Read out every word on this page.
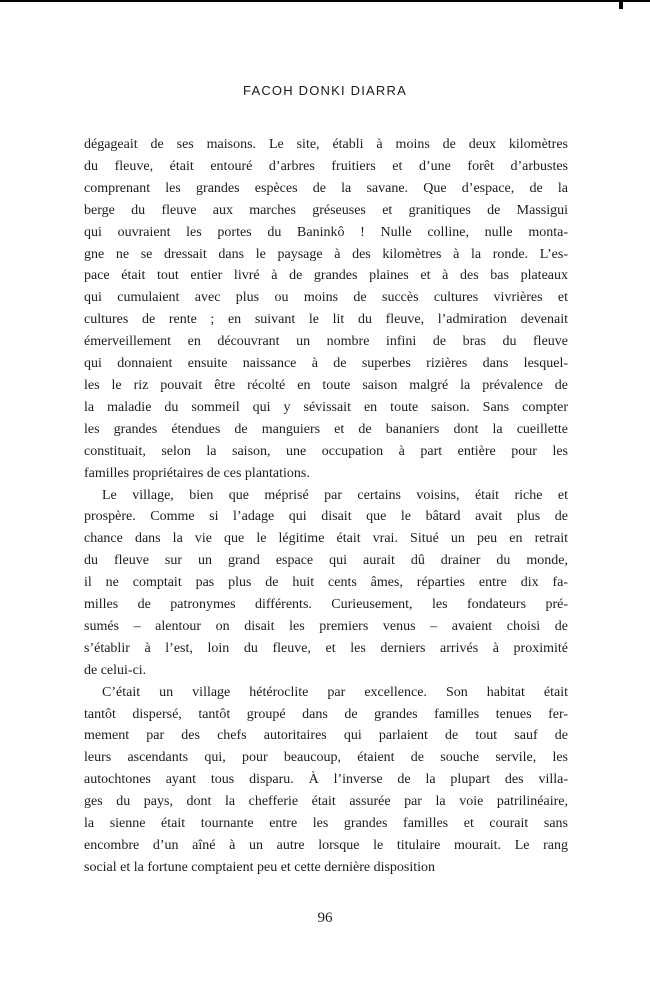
FACOH DONKI DIARRA
dégageait de ses maisons. Le site, établi à moins de deux kilomètres
du fleuve, était entouré d’arbres fruitiers et d’une forêt d’arbustes
comprenant les grandes espèces de la savane. Que d’espace, de la
berge du fleuve aux marches gréseuses et granitiques de Massigui
qui ouvraient les portes du Baninkô ! Nulle colline, nulle monta-
gne ne se dressait dans le paysage à des kilomètres à la ronde. L’es-
pace était tout entier livré à de grandes plaines et à des bas plateaux
qui cumulaient avec plus ou moins de succès cultures vivrières et
cultures de rente ; en suivant le lit du fleuve, l’admiration devenait
émerveillement en découvrant un nombre infini de bras du fleuve
qui donnaient ensuite naissance à de superbes rizières dans lesquel-
les le riz pouvait être récolté en toute saison malgré la prévalence de
la maladie du sommeil qui y sévissait en toute saison. Sans compter
les grandes étendues de manguiers et de bananiers dont la cueillette
constituait, selon la saison, une occupation à part entière pour les
familles propriétaires de ces plantations.
Le village, bien que méprisé par certains voisins, était riche et
prospère. Comme si l’adage qui disait que le bâtard avait plus de
chance dans la vie que le légitime était vrai. Situé un peu en retrait
du fleuve sur un grand espace qui aurait dû drainer du monde,
il ne comptait pas plus de huit cents âmes, réparties entre dix fa-
milles de patronymes différents. Curieusement, les fondateurs pré-
sumés – alentour on disait les premiers venus – avaient choisi de
s’établir à l’est, loin du fleuve, et les derniers arrivés à proximité
de celui-ci.
C’était un village hétéroclite par excellence. Son habitat était
tantôt dispersé, tantôt groupé dans de grandes familles tenues fer-
mement par des chefs autoritaires qui parlaient de tout sauf de
leurs ascendants qui, pour beaucoup, étaient de souche servile, les
autochtones ayant tous disparu. À l’inverse de la plupart des villa-
ges du pays, dont la chefferie était assurée par la voie patrilinéaire,
la sienne était tournante entre les grandes familles et courait sans
encombre d’un aîné à un autre lorsque le titulaire mourait. Le rang
social et la fortune comptaient peu et cette dernière disposition
96
